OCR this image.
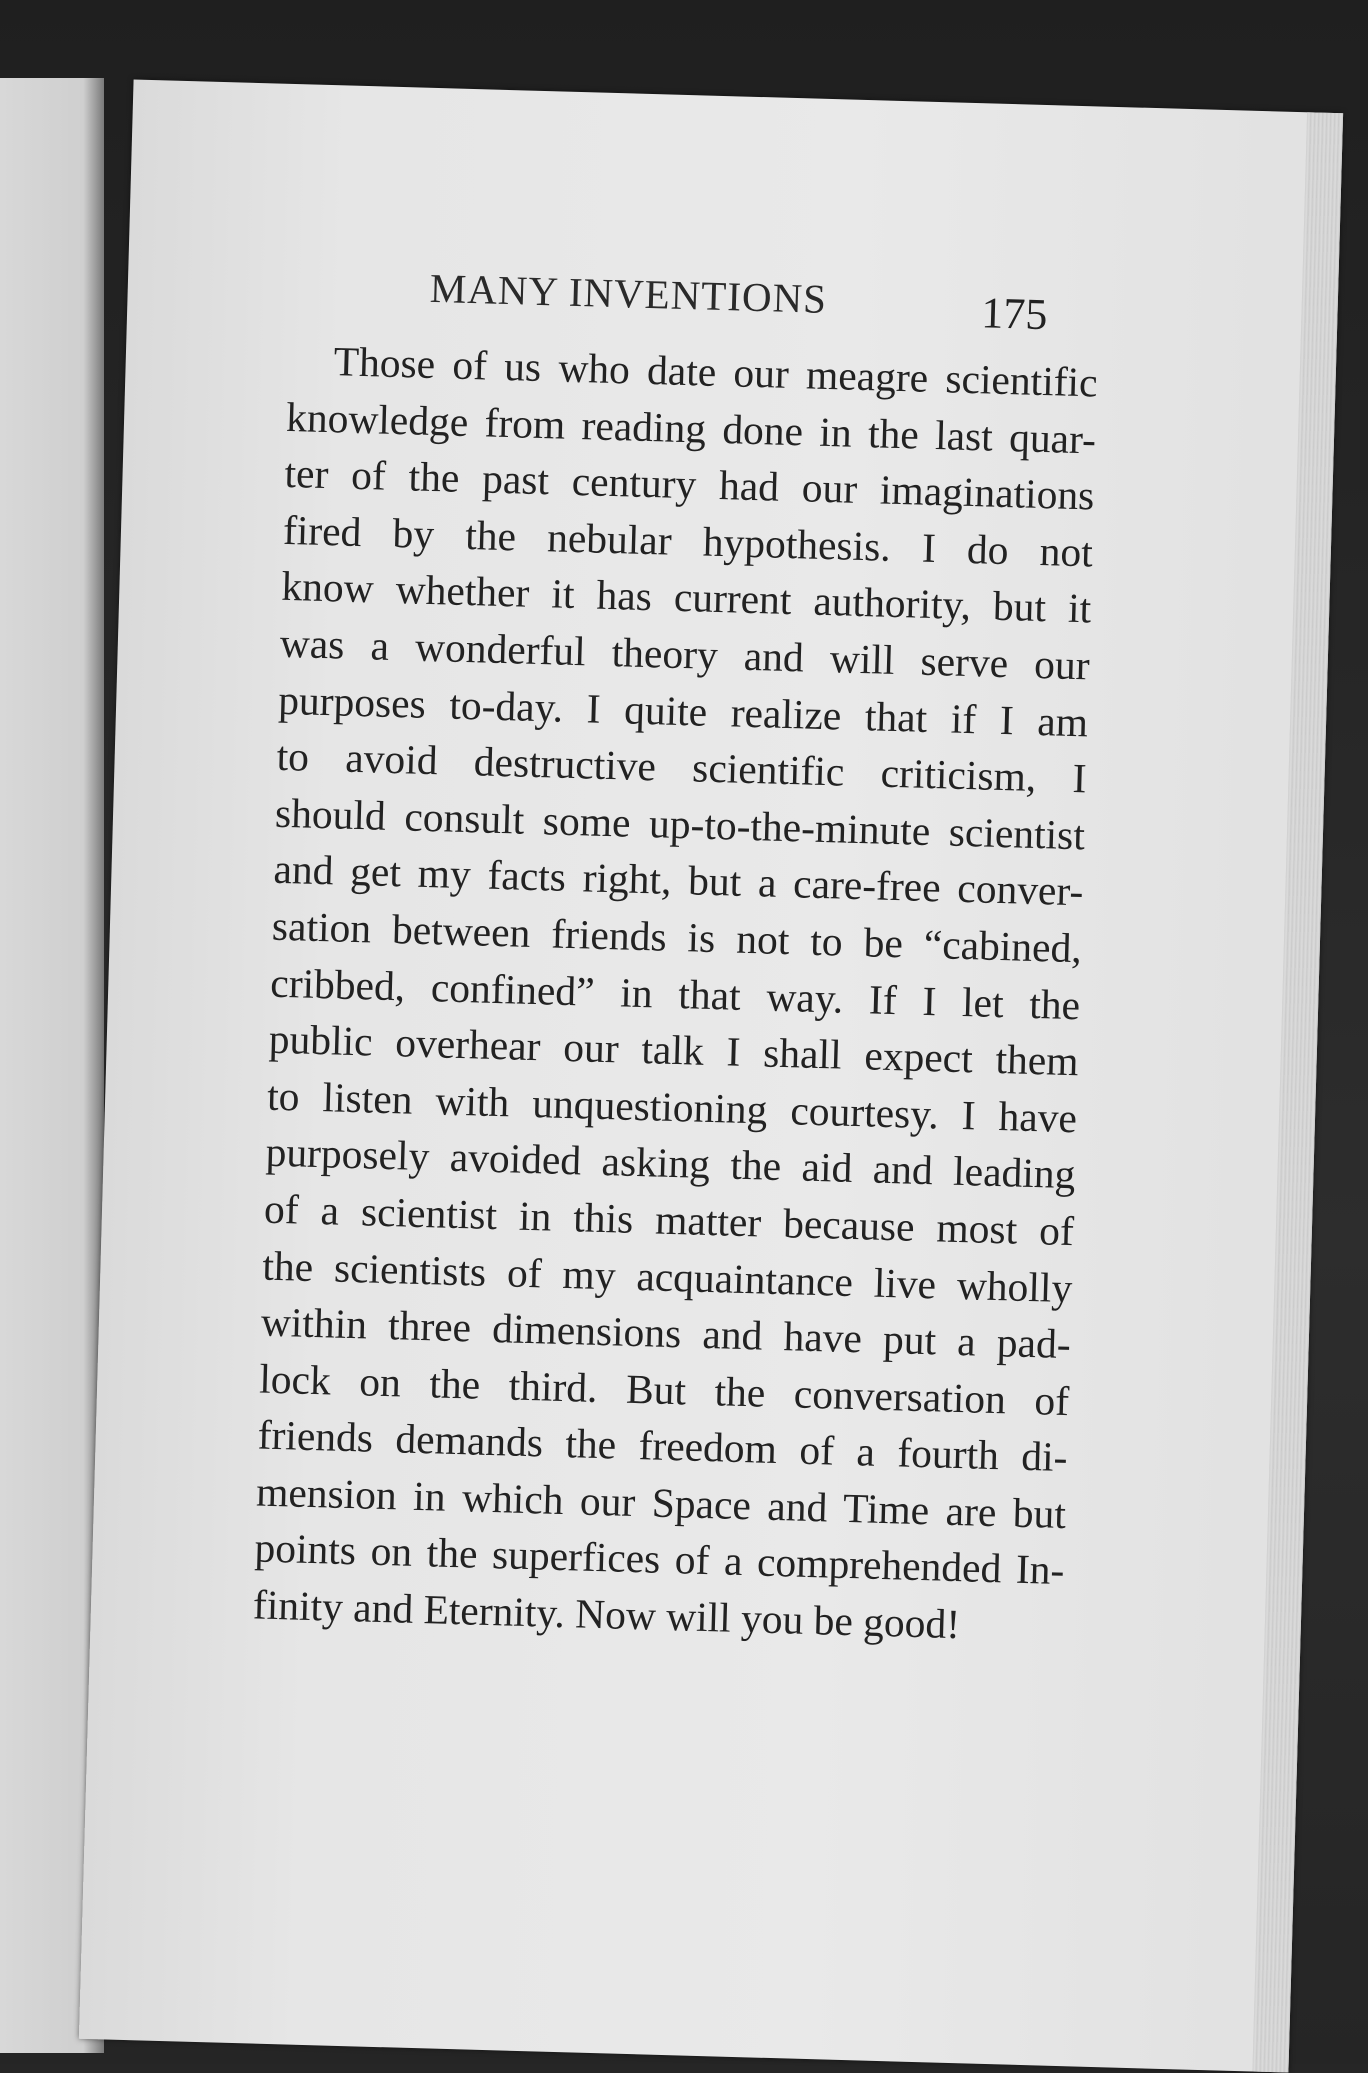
MANY INVENTIONS	175
Those of us who date our meagre scientific
knowledge from reading done in the last quar-
ter of the past century had our imaginations
fired by the nebular hypothesis. I do not
know whether it has current authority, but it
was a wonderful theory and will serve our
purposes to-day. I quite realize that if I am
to avoid destructive scientific criticism, I
should consult some up-to-the-minute scientist
and get my facts right, but a care-free conver-
sation between friends is not to be “cabined,
cribbed, confined” in that way. If I let the
public overhear our talk I shall expect them
to listen with unquestioning courtesy. I have
purposely avoided asking the aid and leading
of a scientist in this matter because most of
the scientists of my acquaintance live wholly
within three dimensions and have put a pad-
lock on the third. But the conversation of
friends demands the freedom of a fourth di-
mension in which our Space and Time are but
points on the superfices of a comprehended In-
finity and Eternity. Now will you be good!
